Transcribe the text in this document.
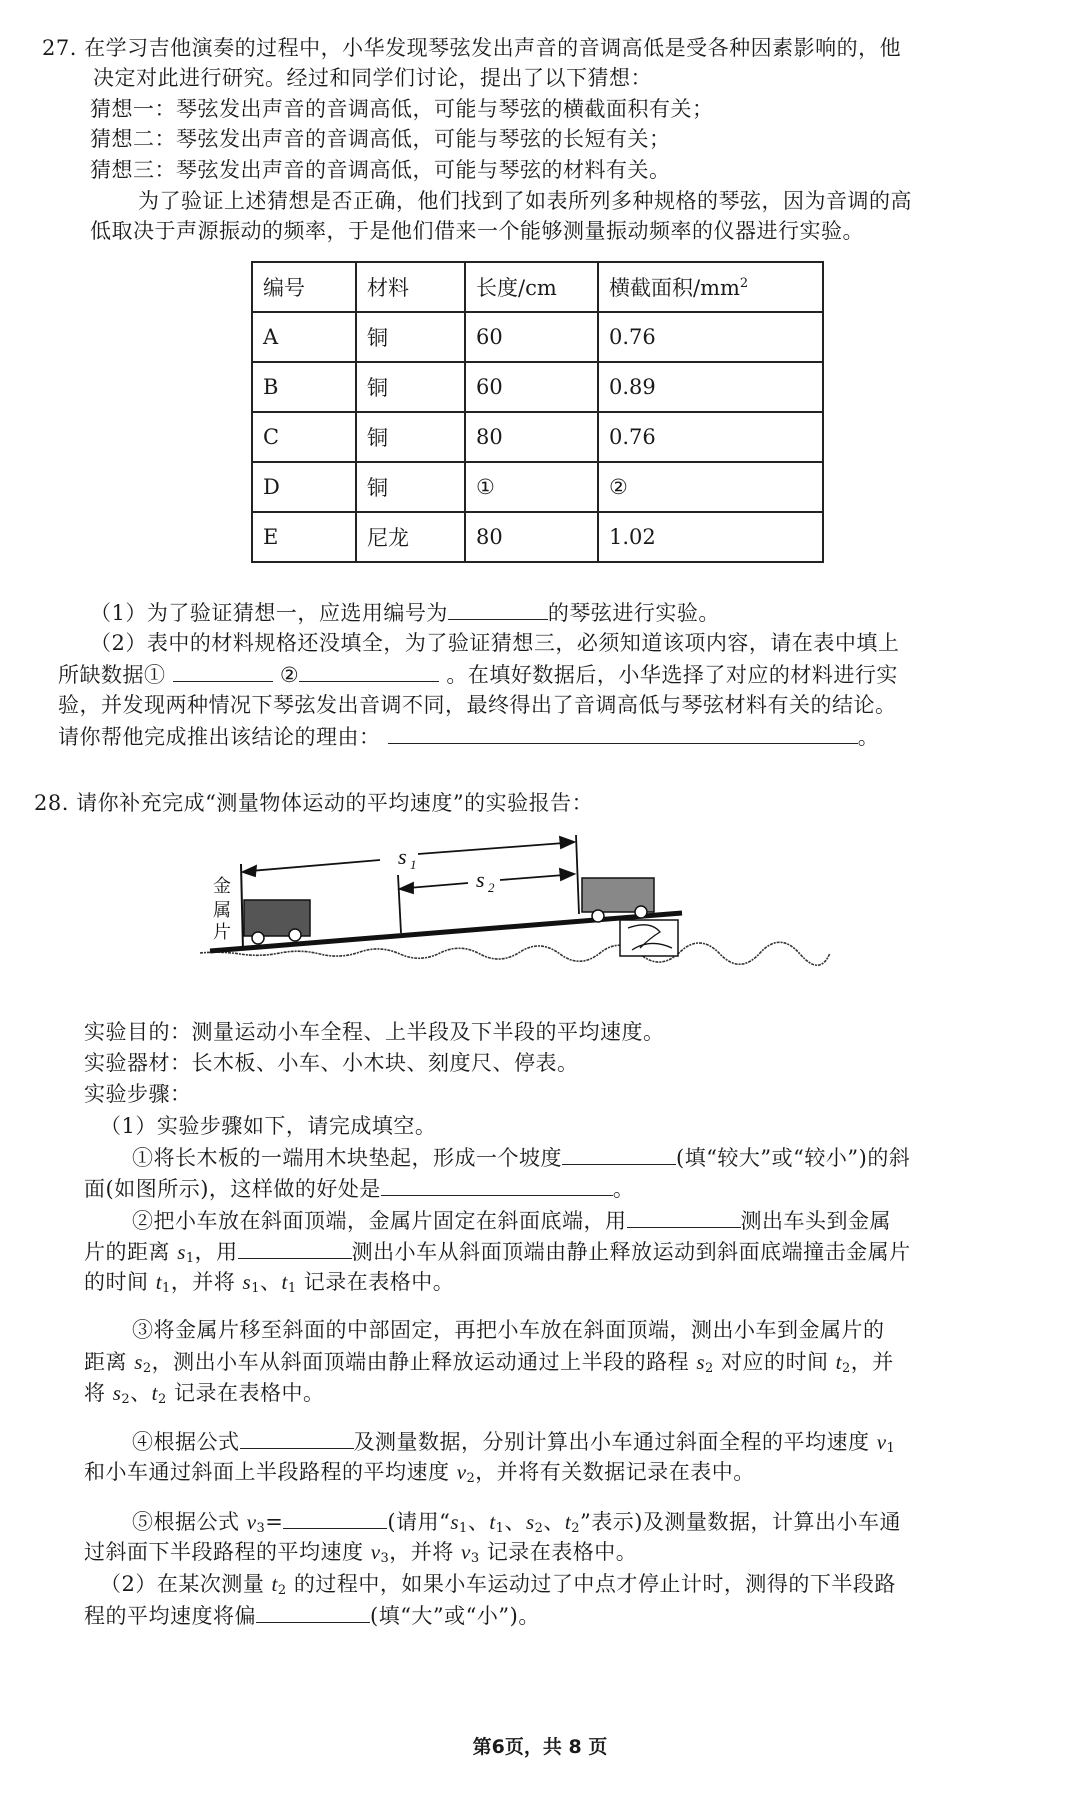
27. 在学习吉他演奏的过程中，小华发现琴弦发出声音的音调高低是受各种因素影响的，他
决定对此进行研究。经过和同学们讨论，提出了以下猜想：
猜想一：琴弦发出声音的音调高低，可能与琴弦的横截面积有关；
猜想二：琴弦发出声音的音调高低，可能与琴弦的长短有关；
猜想三：琴弦发出声音的音调高低，可能与琴弦的材料有关。
为了验证上述猜想是否正确，他们找到了如表所列多种规格的琴弦，因为音调的高
低取决于声源振动的频率，于是他们借来一个能够测量振动频率的仪器进行实验。
编号	材料	长度/cm	横截面积$/mm^2$
A	铜	60	0.76
B	铜	60	0.89
C	铜	80	0.76
D	铜	①	②
E	尼龙	80	1.02
（1）为了验证猜想一，应选用编号为	的琴弦进行实验。
（2）表中的材料规格还没填全，为了验证猜想三，必须知道该项内容，请在表中填上
所缺数据①	②	。在填好数据后，小华选择了对应的材料进行实
验，并发现两种情况下琴弦发出音调不同，最终得出了音调高低与琴弦材料有关的结论。
请你帮他完成推出该结论的理由：	。
28. 请你补充完成“测量物体运动的平均速度”的实验报告：
金
属
片
s 1
s 2
实验目的：测量运动小车全程、上半段及下半段的平均速度。
实验器材：长木板、小车、小木块、刻度尺、停表。
实验步骤：
（1）实验步骤如下，请完成填空。
①将长木板的一端用木块垫起，形成一个坡度	(填“较大”或“较小”)的斜
面(如图所示)，这样做的好处是	。
②把小车放在斜面顶端，金属片固定在斜面底端，用	测出车头到金属
片的距离 $s_1$，用	测出小车从斜面顶端由静止释放运动到斜面底端撞击金属片
的时间 $t_1$，并将 $s_1$、$t_1$ 记录在表格中。
③将金属片移至斜面的中部固定，再把小车放在斜面顶端，测出小车到金属片的
距离 $s_2$，测出小车从斜面顶端由静止释放运动通过上半段的路程 $s_2$ 对应的时间 $t_2$，并
将 $s_2$、$t_2$ 记录在表格中。
④根据公式	及测量数据，分别计算出小车通过斜面全程的平均速度 $v_1$
和小车通过斜面上半段路程的平均速度 $v_2$，并将有关数据记录在表中。
⑤根据公式 $v_3=$	(请用“$s_1$、$t_1$、$s_2$、$t_2$”表示)及测量数据，计算出小车通
过斜面下半段路程的平均速度 $v_3$，并将 $v_3$ 记录在表格中。
（2）在某次测量 $t_2$ 的过程中，如果小车运动过了中点才停止计时，测得的下半段路
程的平均速度将偏	(填“大”或“小”)。
第6页，共 8 页
